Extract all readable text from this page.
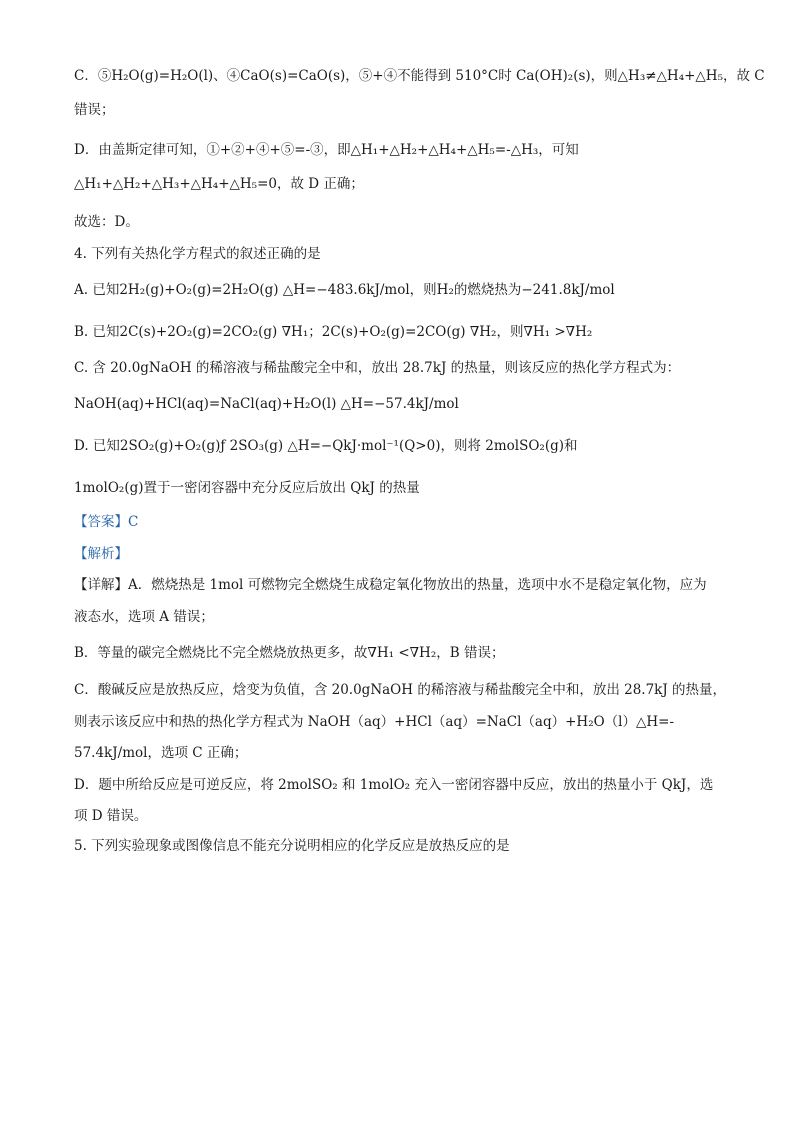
C．⑤H₂O(g)=H₂O(l)、④CaO(s)=CaO(s)，⑤+④不能得到 510°C时 Ca(OH)₂(s)，则△H₃≠△H₄+△H₅，故 C
错误；
D．由盖斯定律可知，①+②+④+⑤=-③，即△H₁+△H₂+△H₄+△H₅=-△H₃，可知
△H₁+△H₂+△H₃+△H₄+△H₅=0，故 D 正确；
故选：D。
4. 下列有关热化学方程式的叙述正确的是
A. 已知2H₂(g)+O₂(g)=2H₂O(g) △H=−483.6kJ/mol，则H₂的燃烧热为−241.8kJ/mol
B. 已知2C(s)+2O₂(g)=2CO₂(g) ∇H₁；2C(s)+O₂(g)=2CO(g) ∇H₂，则∇H₁ >∇H₂
C. 含 20.0gNaOH 的稀溶液与稀盐酸完全中和，放出 28.7kJ 的热量，则该反应的热化学方程式为：
NaOH(aq)+HCl(aq)=NaCl(aq)+H₂O(l) △H=−57.4kJ/mol
D. 已知2SO₂(g)+O₂(g)ƒ 2SO₃(g) △H=−QkJ·mol⁻¹(Q>0)，则将 2molSO₂(g)和
1molO₂(g)置于一密闭容器中充分反应后放出 QkJ 的热量
【答案】C
【解析】
【详解】A．燃烧热是 1mol 可燃物完全燃烧生成稳定氧化物放出的热量，选项中水不是稳定氧化物，应为
液态水，选项 A 错误；
B．等量的碳完全燃烧比不完全燃烧放热更多，故∇H₁ <∇H₂，B 错误；
C．酸碱反应是放热反应，焓变为负值，含 20.0gNaOH 的稀溶液与稀盐酸完全中和，放出 28.7kJ 的热量，
则表示该反应中和热的热化学方程式为 NaOH（aq）+HCl（aq）=NaCl（aq）+H₂O（l）△H=-
57.4kJ/mol，选项 C 正确；
D．题中所给反应是可逆反应，将 2molSO₂ 和 1molO₂ 充入一密闭容器中反应，放出的热量小于 QkJ，选
项 D 错误。
5. 下列实验现象或图像信息不能充分说明相应的化学反应是放热反应的是
